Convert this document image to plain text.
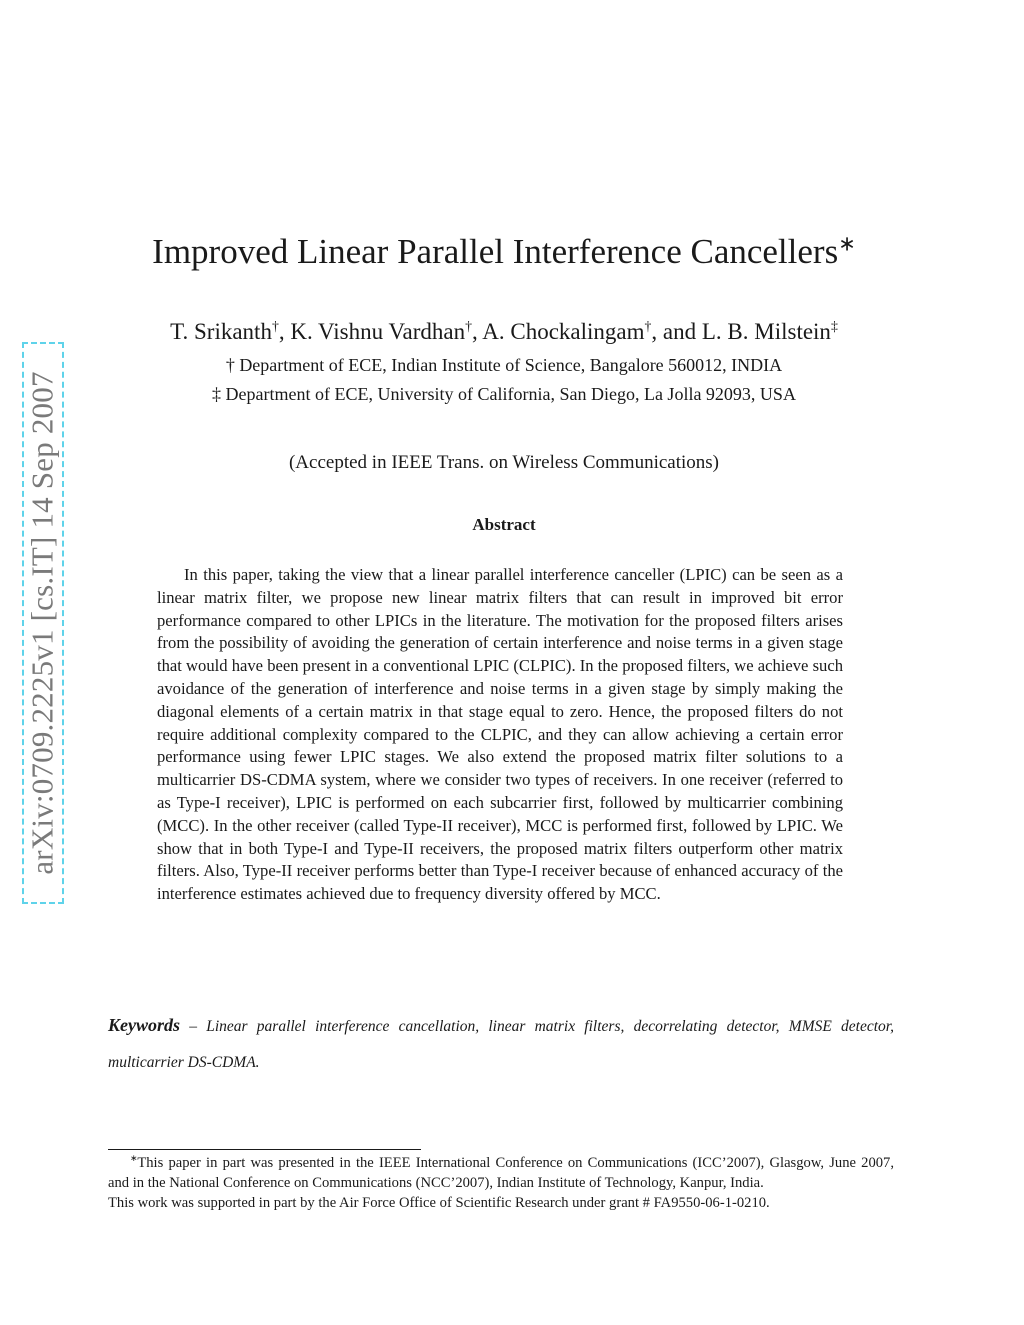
arXiv:0709.2225v1 [cs.IT] 14 Sep 2007
Improved Linear Parallel Interference Cancellers∗

T. Srikanth†, K. Vishnu Vardhan†, A. Chockalingam†, and L. B. Milstein‡

† Department of ECE, Indian Institute of Science, Bangalore 560012, INDIA

‡ Department of ECE, University of California, San Diego, La Jolla 92093, USA

(Accepted in IEEE Trans. on Wireless Communications)

Abstract

In this paper, taking the view that a linear parallel interference canceller (LPIC) can be seen as a linear matrix filter, we propose new linear matrix filters that can result in improved bit error performance compared to other LPICs in the literature. The motivation for the proposed filters arises from the possibility of avoiding the generation of certain interference and noise terms in a given stage that would have been present in a conventional LPIC (CLPIC). In the proposed filters, we achieve such avoidance of the generation of interference and noise terms in a given stage by simply making the diagonal elements of a certain matrix in that stage equal to zero. Hence, the proposed filters do not require additional complexity compared to the CLPIC, and they can allow achieving a certain error performance using fewer LPIC stages. We also extend the proposed matrix filter solutions to a multicarrier DS-CDMA system, where we consider two types of receivers. In one receiver (referred to as Type-I receiver), LPIC is performed on each subcarrier first, followed by multicarrier combining (MCC). In the other receiver (called Type-II receiver), MCC is performed first, followed by LPIC. We show that in both Type-I and Type-II receivers, the proposed matrix filters outperform other matrix filters. Also, Type-II receiver performs better than Type-I receiver because of enhanced accuracy of the interference estimates achieved due to frequency diversity offered by MCC.

Keywords – Linear parallel interference cancellation, linear matrix filters, decorrelating detector, MMSE detector, multicarrier DS-CDMA.

∗This paper in part was presented in the IEEE International Conference on Communications (ICC’2007), Glasgow, June 2007, and in the National Conference on Communications (NCC’2007), Indian Institute of Technology, Kanpur, India.

This work was supported in part by the Air Force Office of Scientific Research under grant # FA9550-06-1-0210.
